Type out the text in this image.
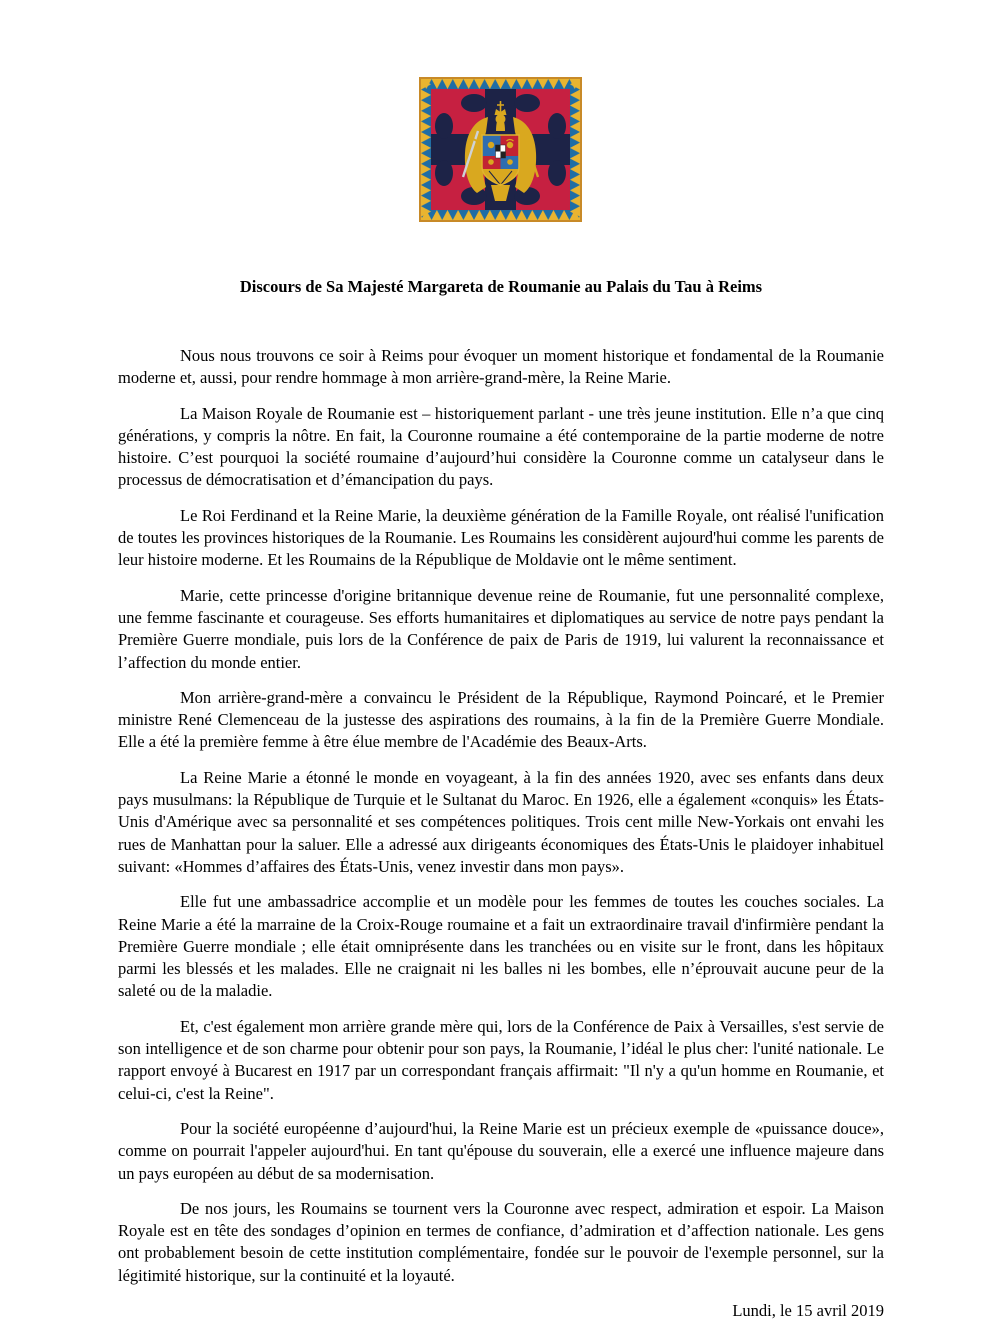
Discours de Sa Majesté Margareta de Roumanie au Palais du Tau à Reims

Nous nous trouvons ce soir à Reims pour évoquer un moment historique et fondamental de la Roumanie moderne et, aussi, pour rendre hommage à mon arrière-grand-mère, la Reine Marie.

La Maison Royale de Roumanie est – historiquement parlant - une très jeune institution. Elle n’a que cinq générations, y compris la nôtre. En fait, la Couronne roumaine a été contemporaine de la partie moderne de notre histoire. C’est pourquoi la société roumaine d’aujourd’hui considère la Couronne comme un catalyseur dans le processus de démocratisation et d’émancipation du pays.

Le Roi Ferdinand et la Reine Marie, la deuxième génération de la Famille Royale, ont réalisé l'unification de toutes les provinces historiques de la Roumanie. Les Roumains les considèrent aujourd'hui comme les parents de leur histoire moderne. Et les Roumains de la République de Moldavie ont le même sentiment.

Marie, cette princesse d'origine britannique devenue reine de Roumanie, fut une personnalité complexe, une femme fascinante et courageuse. Ses efforts humanitaires et diplomatiques au service de notre pays pendant la Première Guerre mondiale, puis lors de la Conférence de paix de Paris de 1919, lui valurent la reconnaissance et l’affection du monde entier.

Mon arrière-grand-mère a convaincu le Président de la République, Raymond Poincaré, et le Premier ministre René Clemenceau de la justesse des aspirations des roumains, à la fin de la Première Guerre Mondiale. Elle a été la première femme à être élue membre de l'Académie des Beaux-Arts.

La Reine Marie a étonné le monde en voyageant, à la fin des années 1920, avec ses enfants dans deux pays musulmans: la République de Turquie et le Sultanat du Maroc. En 1926, elle a également «conquis» les États-Unis d'Amérique avec sa personnalité et ses compétences politiques. Trois cent mille New-Yorkais ont envahi les rues de Manhattan pour la saluer. Elle a adressé aux dirigeants économiques des États-Unis le plaidoyer inhabituel suivant: «Hommes d’affaires des États-Unis, venez investir dans mon pays».

Elle fut une ambassadrice accomplie et un modèle pour les femmes de toutes les couches sociales. La Reine Marie a été la marraine de la Croix-Rouge roumaine et a fait un extraordinaire travail d'infirmière pendant la Première Guerre mondiale ; elle était omniprésente dans les tranchées ou en visite sur le front, dans les hôpitaux parmi les blessés et les malades. Elle ne craignait ni les balles ni les bombes, elle n’éprouvait aucune peur de la saleté ou de la maladie.

Et, c'est également mon arrière grande mère qui, lors de la Conférence de Paix à Versailles, s'est servie de son intelligence et de son charme pour obtenir pour son pays, la Roumanie, l’idéal le plus cher: l'unité nationale. Le rapport envoyé à Bucarest en 1917 par un correspondant français affirmait: "Il n'y a qu'un homme en Roumanie, et celui-ci, c'est la Reine".

Pour la société européenne d’aujourd'hui, la Reine Marie est un précieux exemple de «puissance douce», comme on pourrait l'appeler aujourd'hui. En tant qu'épouse du souverain, elle a exercé une influence majeure dans un pays européen au début de sa modernisation.

De nos jours, les Roumains se tournent vers la Couronne avec respect, admiration et espoir. La Maison Royale est en tête des sondages d’opinion en termes de confiance, d’admiration et d’affection nationale. Les gens ont probablement besoin de cette institution complémentaire, fondée sur le pouvoir de l'exemple personnel, sur la légitimité historique, sur la continuité et la loyauté.

Lundi, le 15 avril 2019
